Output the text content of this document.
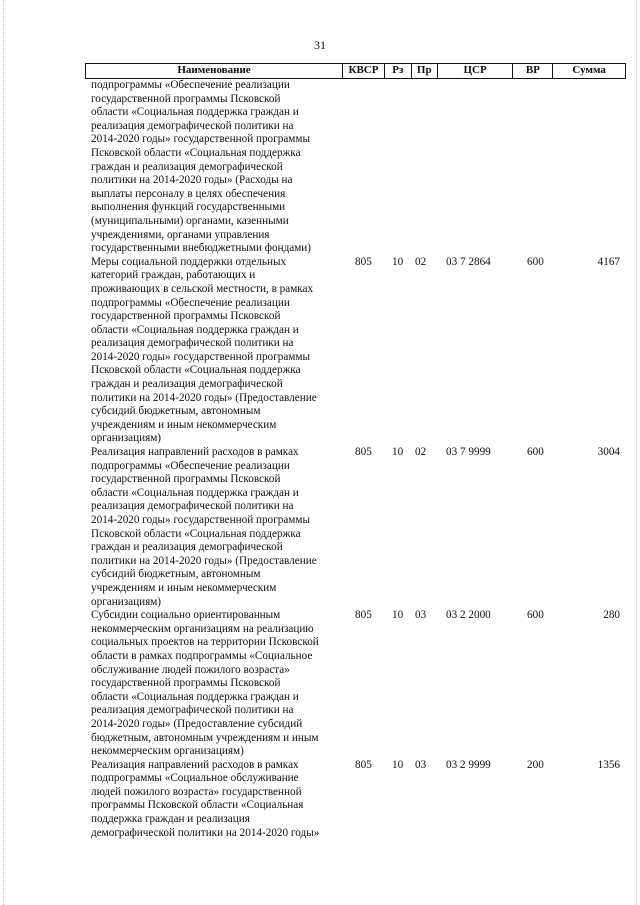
31
Наименование	КВСР	Рз	Пр	ЦСР	ВР	Сумма
подпрограммы «Обеспечение реализации
государственной программы Псковской
области «Социальная поддержка граждан и
реализация демографической политики на
2014-2020 годы» государственной программы
Псковской области «Социальная поддержка
граждан и реализация демографической
политики на 2014-2020 годы» (Расходы на
выплаты персоналу в целях обеспечения
выполнения функций государственными
(муниципальными) органами, казенными
учреждениями, органами управления
государственными внебюджетными фондами)
Меры социальной поддержки отдельных
категорий граждан, работающих и
проживающих в сельской местности, в рамках
подпрограммы «Обеспечение реализации
государственной программы Псковской
области «Социальная поддержка граждан и
реализация демографической политики на
2014-2020 годы» государственной программы
Псковской области «Социальная поддержка
граждан и реализация демографической
политики на 2014-2020 годы» (Предоставление
субсидий бюджетным, автономным
учреждениям и иным некоммерческим
организациям)
805	10	02	03 7 2864	600	4167
Реализация направлений расходов в рамках
подпрограммы «Обеспечение реализации
государственной программы Псковской
области «Социальная поддержка граждан и
реализация демографической политики на
2014-2020 годы» государственной программы
Псковской области «Социальная поддержка
граждан и реализация демографической
политики на 2014-2020 годы» (Предоставление
субсидий бюджетным, автономным
учреждениям и иным некоммерческим
организациям)
805	10	02	03 7 9999	600	3004
Субсидии социально ориентированным
некоммерческим организациям на реализацию
социальных проектов на территории Псковской
области в рамках подпрограммы «Социальное
обслуживание людей пожилого возраста»
государственной программы Псковской
области «Социальная поддержка граждан и
реализация демографической политики на
2014-2020 годы» (Предоставление субсидий
бюджетным, автономным учреждениям и иным
некоммерческим организациям)
805	10	03	03 2 2000	600	280
Реализация направлений расходов в рамках
подпрограммы «Социальное обслуживание
людей пожилого возраста» государственной
программы Псковской области «Социальная
поддержка граждан и реализация
демографической политики на 2014-2020 годы»
805	10	03	03 2 9999	200	1356
